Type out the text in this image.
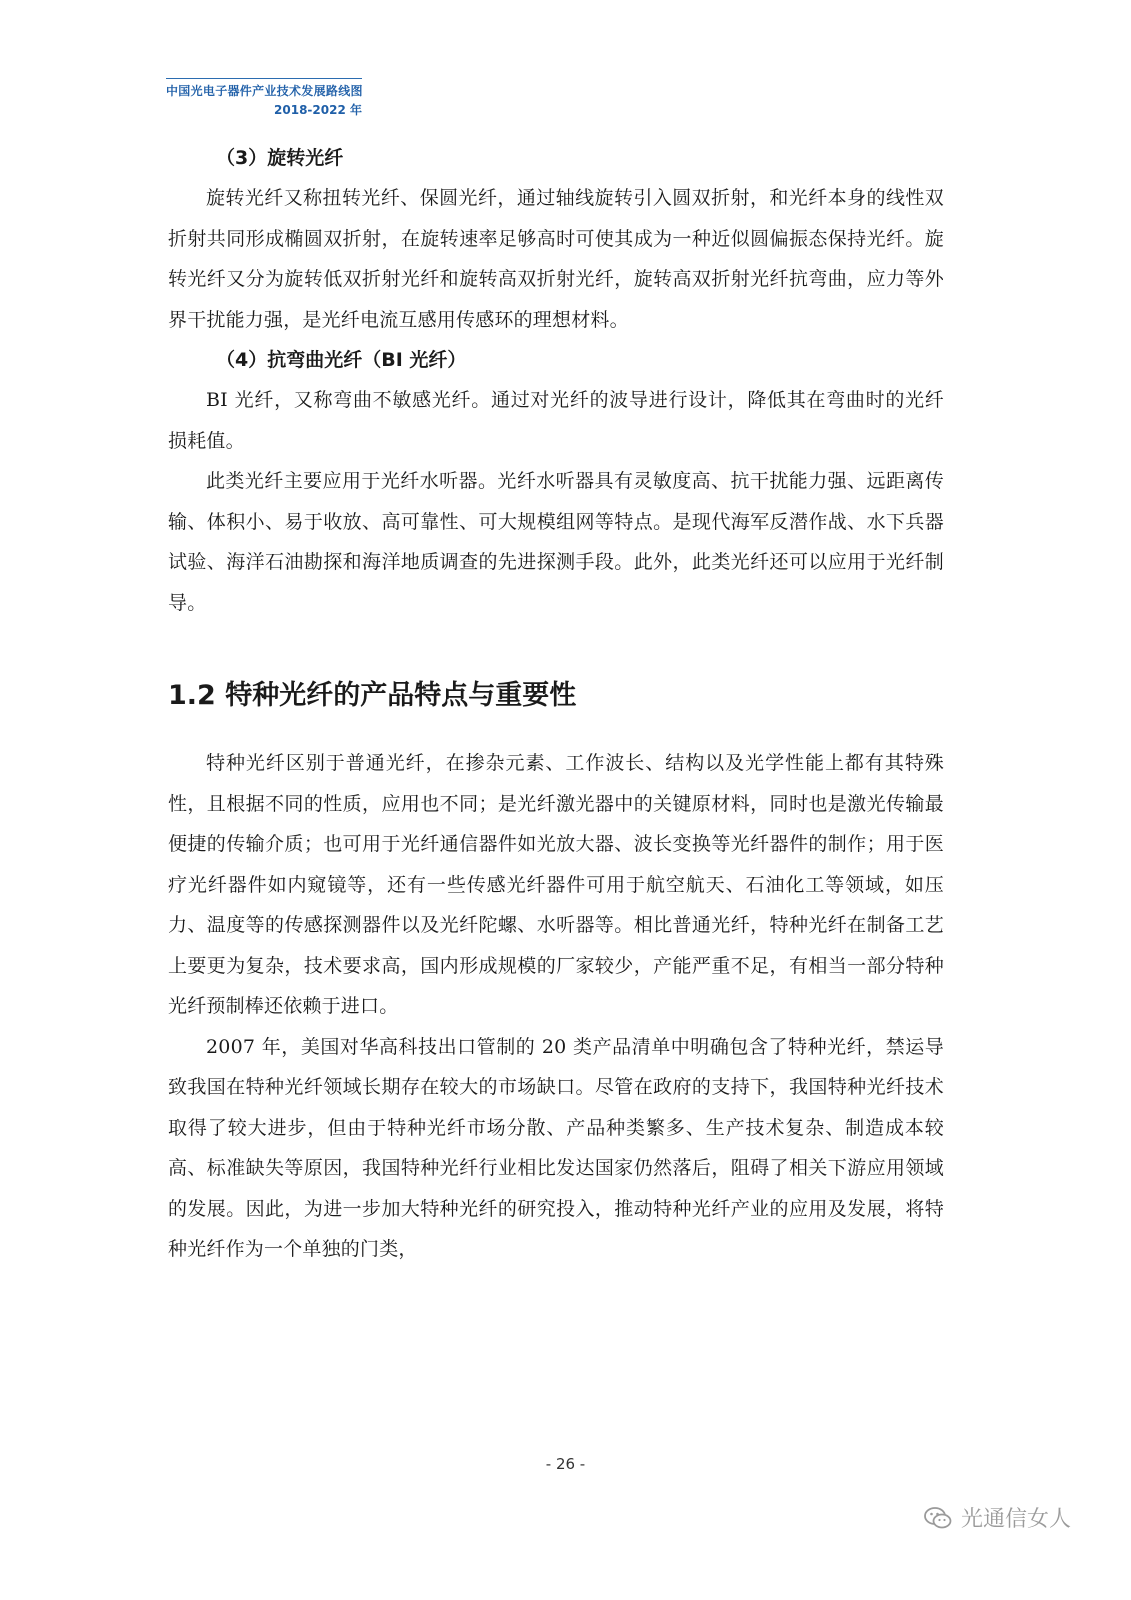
中国光电子器件产业技术发展路线图
2018-2022 年
（3）旋转光纤

旋转光纤又称扭转光纤、保圆光纤，通过轴线旋转引入圆双折射，和光纤本身的线性双折射共同形成椭圆双折射，在旋转速率足够高时可使其成为一种近似圆偏振态保持光纤。旋转光纤又分为旋转低双折射光纤和旋转高双折射光纤，旋转高双折射光纤抗弯曲，应力等外界干扰能力强，是光纤电流互感用传感环的理想材料。

（4）抗弯曲光纤（BI 光纤）

BI 光纤，又称弯曲不敏感光纤。通过对光纤的波导进行设计，降低其在弯曲时的光纤损耗值。

此类光纤主要应用于光纤水听器。光纤水听器具有灵敏度高、抗干扰能力强、远距离传输、体积小、易于收放、高可靠性、可大规模组网等特点。是现代海军反潜作战、水下兵器试验、海洋石油勘探和海洋地质调查的先进探测手段。此外，此类光纤还可以应用于光纤制导。

1.2 特种光纤的产品特点与重要性

特种光纤区别于普通光纤，在掺杂元素、工作波长、结构以及光学性能上都有其特殊性，且根据不同的性质，应用也不同；是光纤激光器中的关键原材料，同时也是激光传输最便捷的传输介质；也可用于光纤通信器件如光放大器、波长变换等光纤器件的制作；用于医疗光纤器件如内窥镜等，还有一些传感光纤器件可用于航空航天、石油化工等领域，如压力、温度等的传感探测器件以及光纤陀螺、水听器等。相比普通光纤，特种光纤在制备工艺上要更为复杂，技术要求高，国内形成规模的厂家较少，产能严重不足，有相当一部分特种光纤预制棒还依赖于进口。

2007 年，美国对华高科技出口管制的 20 类产品清单中明确包含了特种光纤，禁运导致我国在特种光纤领域长期存在较大的市场缺口。尽管在政府的支持下，我国特种光纤技术取得了较大进步，但由于特种光纤市场分散、产品种类繁多、生产技术复杂、制造成本较高、标准缺失等原因，我国特种光纤行业相比发达国家仍然落后，阻碍了相关下游应用领域的发展。因此，为进一步加大特种光纤的研究投入，推动特种光纤产业的应用及发展，将特种光纤作为一个单独的门类，

- 26 -
光通信女人
